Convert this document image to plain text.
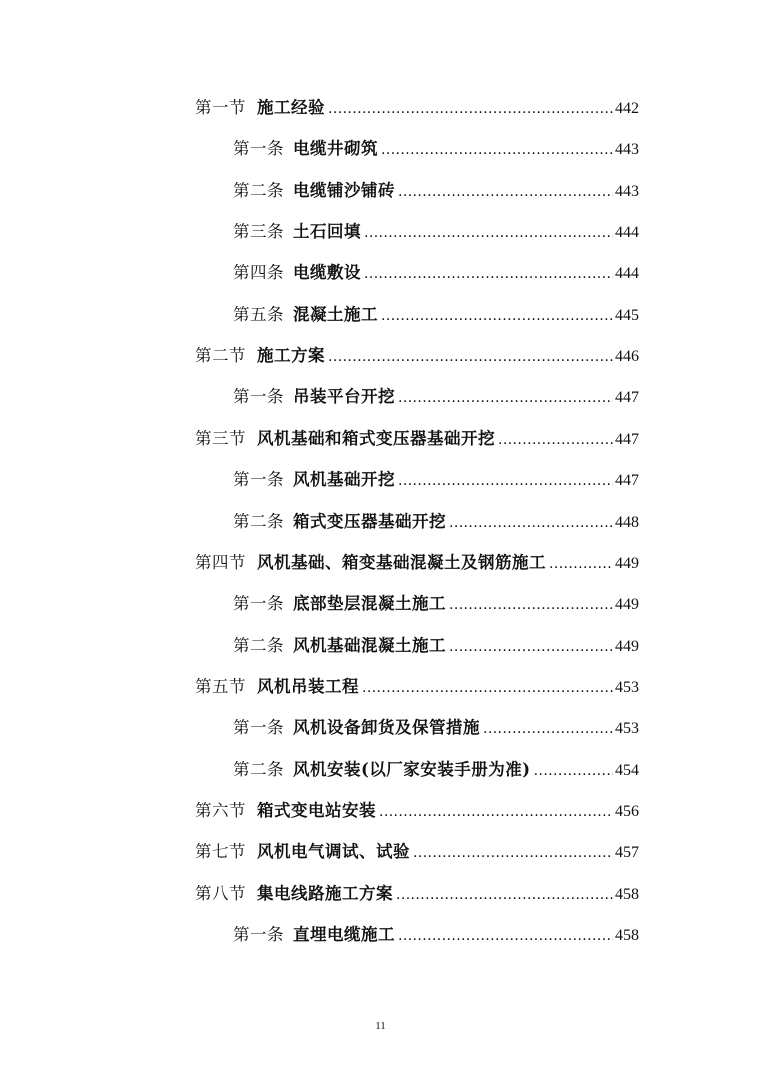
第一节 施工经验 .....	442
第一条 电缆井砌筑 .....	443
第二条 电缆铺沙铺砖 .....	443
第三条 土石回填 .....	444
第四条 电缆敷设 .....	444
第五条 混凝土施工 .....	445
第二节 施工方案 .....	446
第一条 吊装平台开挖 .....	447
第三节 风机基础和箱式变压器基础开挖 .....	447
第一条 风机基础开挖 .....	447
第二条 箱式变压器基础开挖 .....	448
第四节 风机基础、箱变基础混凝土及钢筋施工 .....	449
第一条 底部垫层混凝土施工 .....	449
第二条 风机基础混凝土施工 .....	449
第五节 风机吊装工程 .....	453
第一条 风机设备卸货及保管措施 .....	453
第二条 风机安装(以厂家安装手册为准) .....	454
第六节 箱式变电站安装 .....	456
第七节 风机电气调试、试验 .....	457
第八节 集电线路施工方案 .....	458
第一条 直埋电缆施工 .....	458
11
